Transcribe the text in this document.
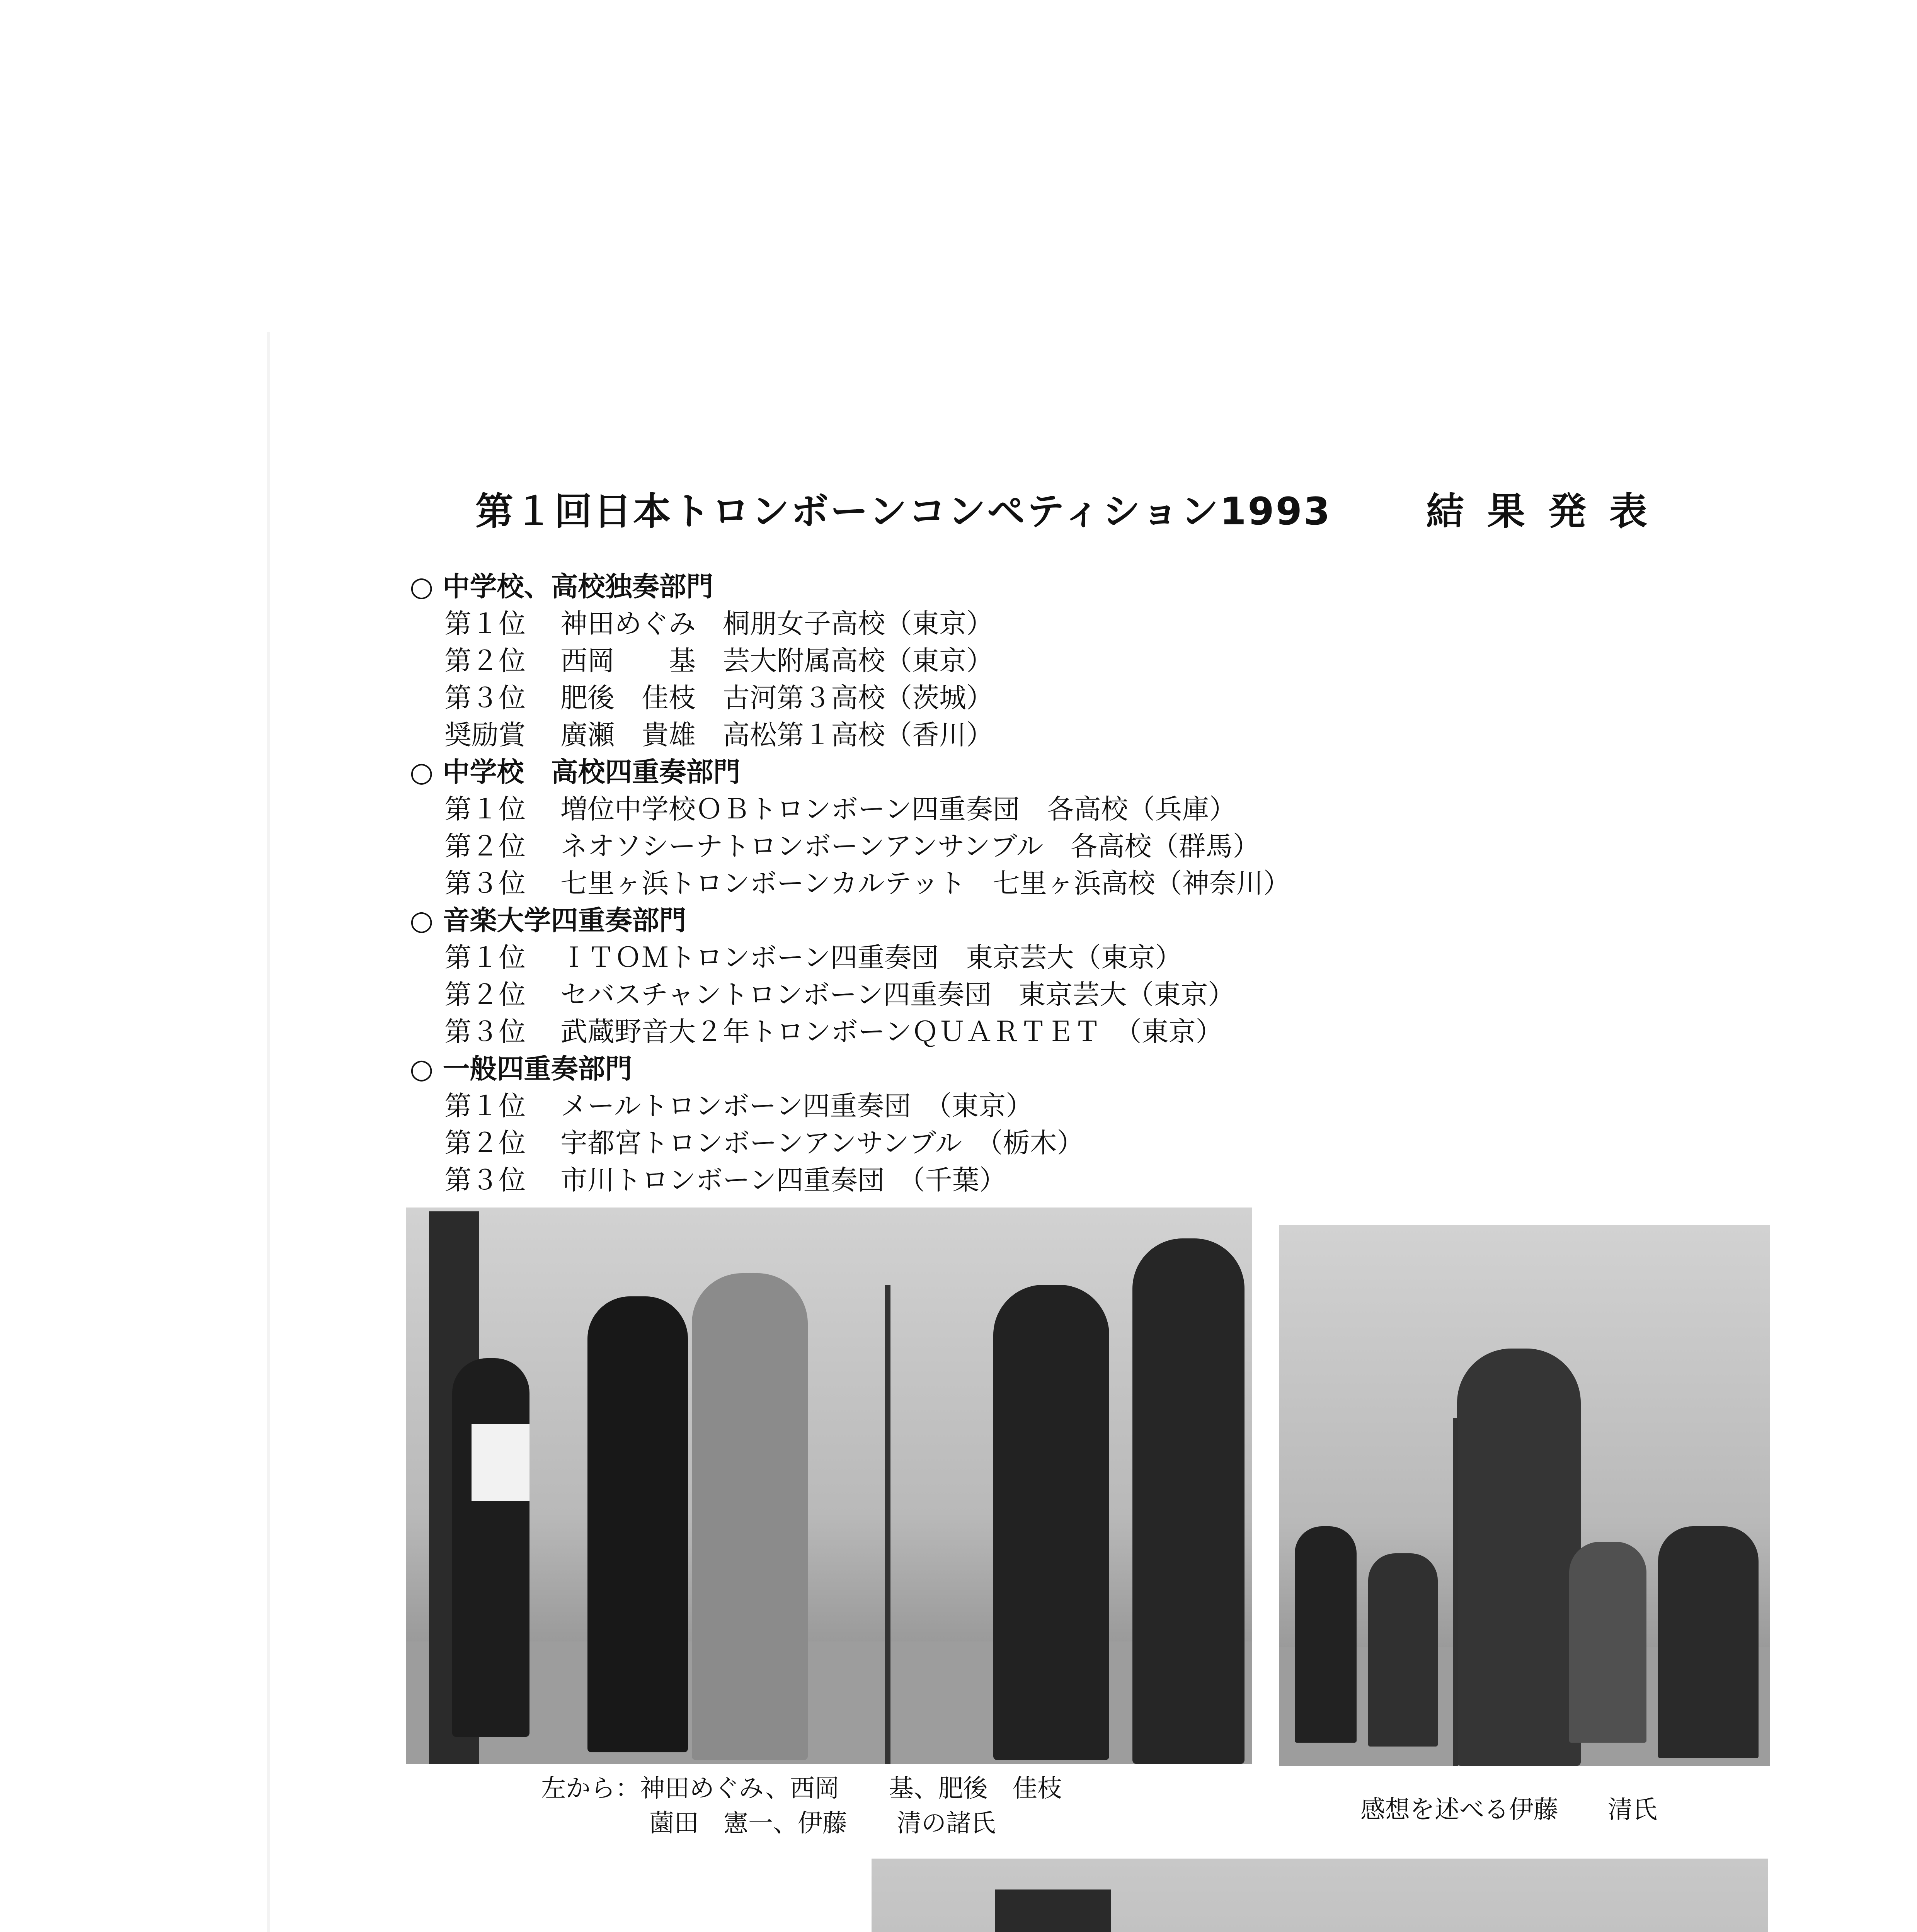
第１回日本トロンボーンコンペティション1993	結果発表
○ 中学校、高校独奏部門
第１位 神田めぐみ　桐朋女子高校（東京）
第２位 西岡　　基　芸大附属高校（東京）
第３位 肥後　佳枝　古河第３高校（茨城）
奨励賞 廣瀬　貴雄　高松第１高校（香川）
○ 中学校　高校四重奏部門
第１位 増位中学校ＯＢトロンボーン四重奏団　各高校（兵庫）
第２位 ネオソシーナトロンボーンアンサンブル　各高校（群馬）
第３位 七里ヶ浜トロンボーンカルテット　七里ヶ浜高校（神奈川）
○ 音楽大学四重奏部門
第１位 ＩＴＯＭトロンボーン四重奏団　東京芸大（東京）
第２位 セバスチャントロンボーン四重奏団　東京芸大（東京）
第３位 武蔵野音大２年トロンボーンＱＵＡＲＴＥＴ　（東京）
○ 一般四重奏部門
第１位 メールトロンボーン四重奏団　（東京）
第２位 宇都宮トロンボーンアンサンブル　（栃木）
第３位 市川トロンボーン四重奏団　（千葉）
左から：神田めぐみ、西岡　　基、肥後　佳枝
薗田　憲一、伊藤　　清の諸氏	感想を述べる伊藤　　清氏
